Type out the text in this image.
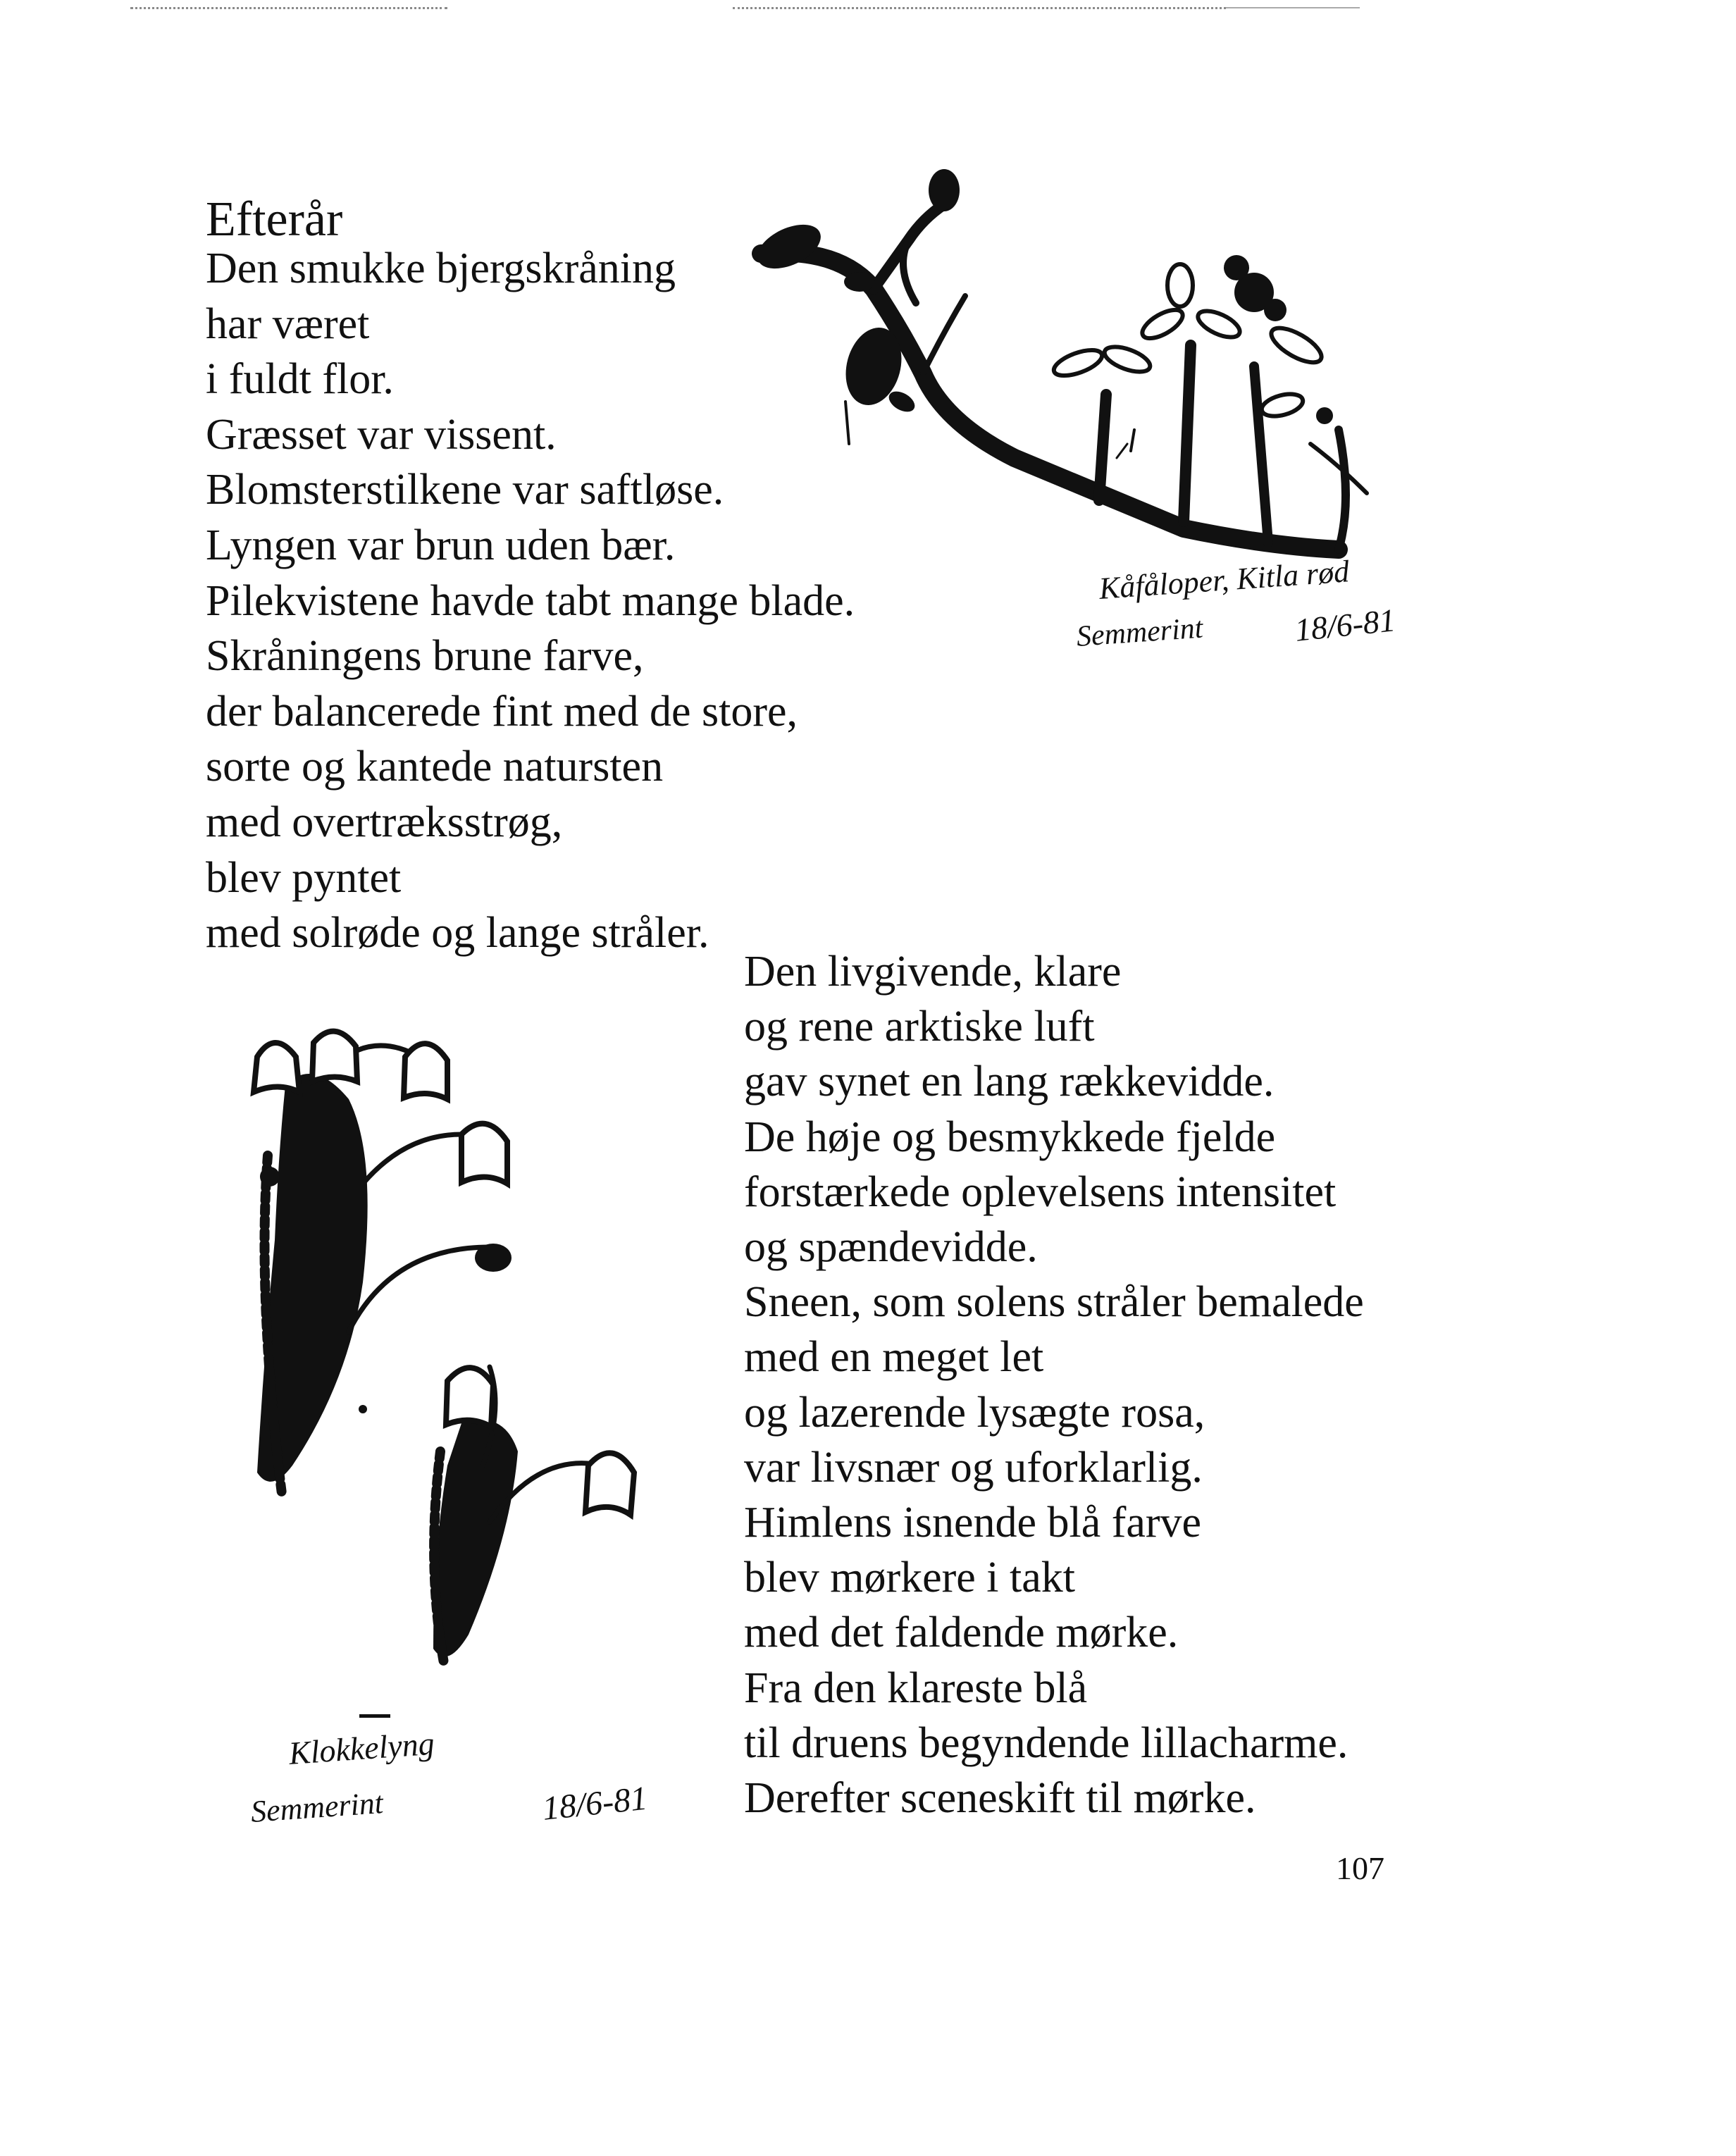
Efterår
Den smukke bjergskråning
har været
i fuldt flor.
Græsset var vissent.
Blomsterstilkene var saftløse.
Lyngen var brun uden bær.
Pilekvistene havde tabt mange blade.
Skråningens brune farve,
der balancerede fint med de store,
sorte og kantede natursten
med overtræksstrøg,
blev pyntet
med solrøde og lange stråler.
Den livgivende, klare
og rene arktiske luft
gav synet en lang rækkevidde.
De høje og besmykkede fjelde
forstærkede oplevelsens intensitet
og spændevidde.
Sneen, som solens stråler bemalede
med en meget let
og lazerende lysægte rosa,
var livsnær og uforklarlig.
Himlens isnende blå farve
blev mørkere i takt
med det faldende mørke.
Fra den klareste blå
til druens begyndende lillacharme.
Derefter sceneskift til mørke.
Kåfåloper, Kitla rød
Semmerint	18/6-81
Klokkelyng
Semmerint	18/6-81

107
